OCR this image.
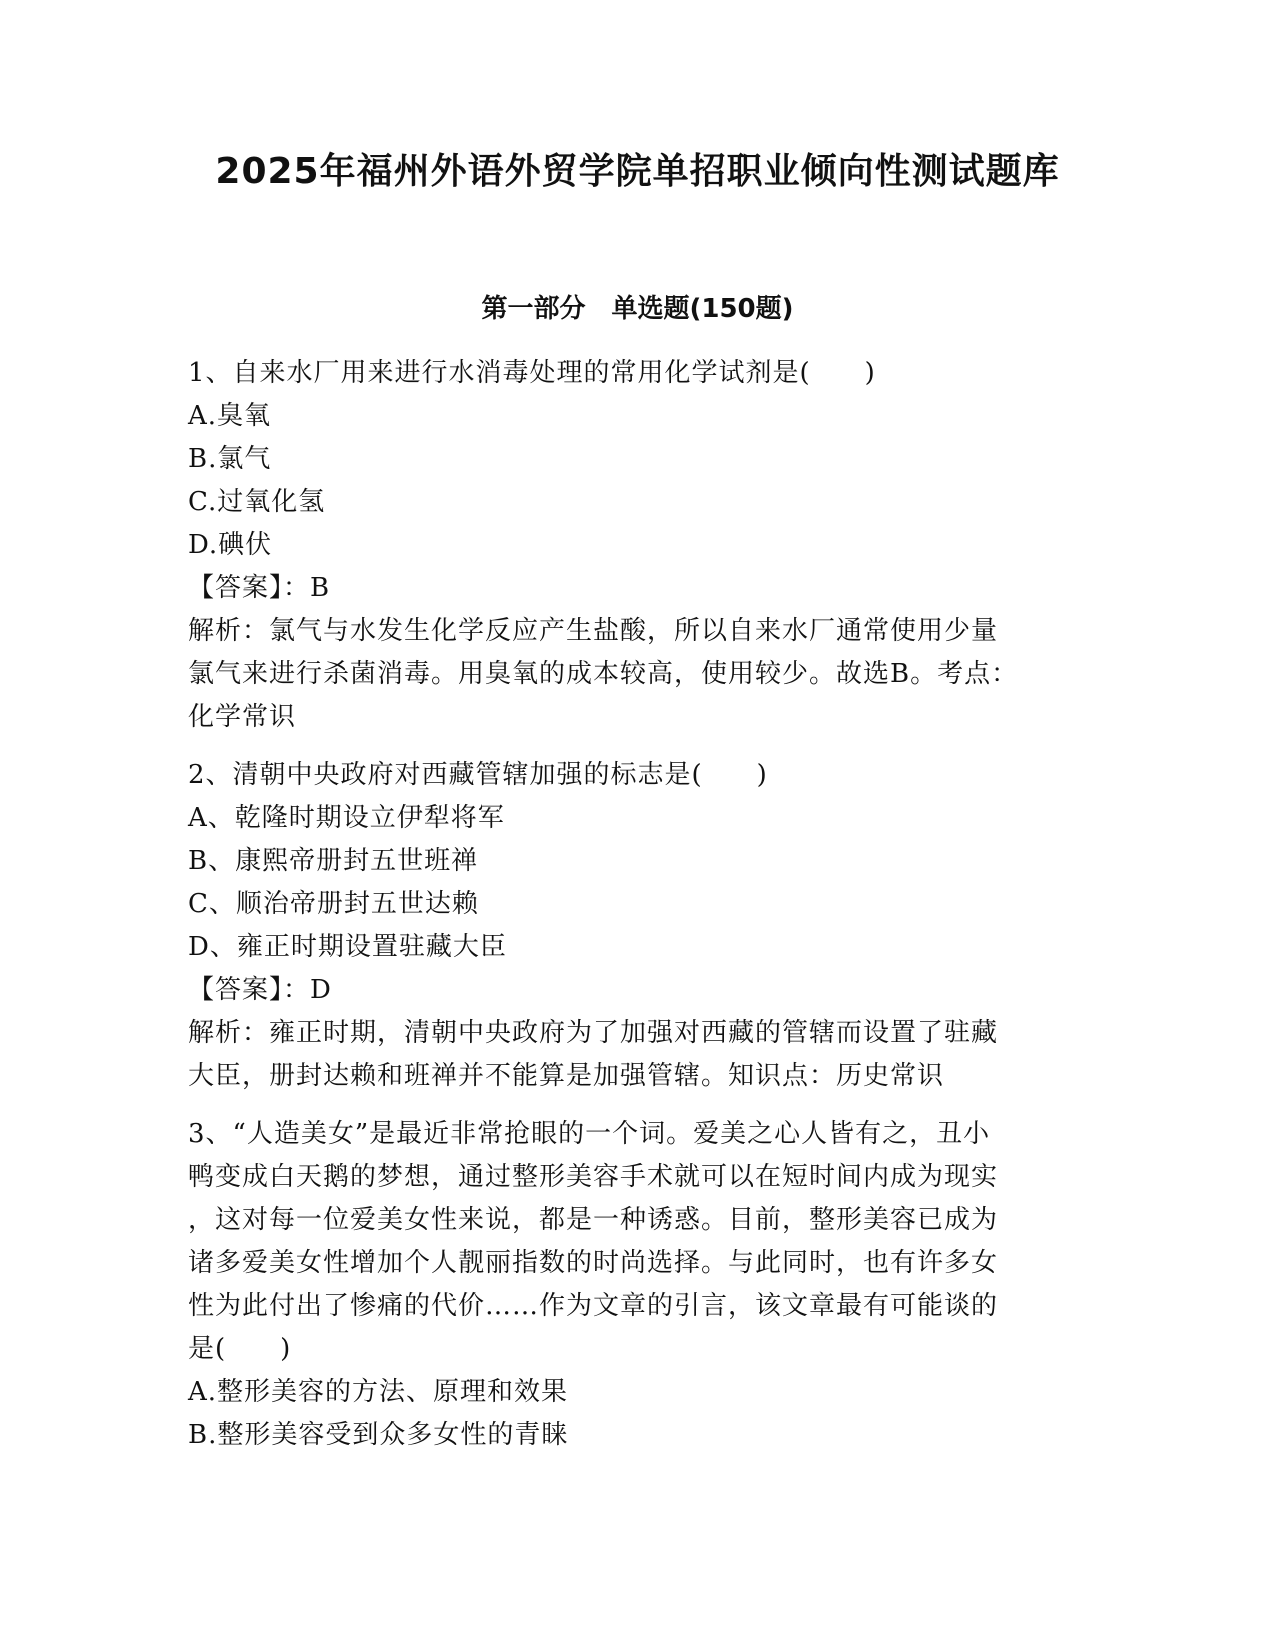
2025年福州外语外贸学院单招职业倾向性测试题库
第一部分　单选题(150题)

1、自来水厂用来进行水消毒处理的常用化学试剂是(　　)

A.臭氧

B.氯气

C.过氧化氢

D.碘伏

【答案】：B

解析：氯气与水发生化学反应产生盐酸，所以自来水厂通常使用少量

氯气来进行杀菌消毒。用臭氧的成本较高，使用较少。故选B。考点：

化学常识

2、清朝中央政府对西藏管辖加强的标志是(　　)

A、乾隆时期设立伊犁将军

B、康熙帝册封五世班禅

C、顺治帝册封五世达赖

D、雍正时期设置驻藏大臣

【答案】：D

解析：雍正时期，清朝中央政府为了加强对西藏的管辖而设置了驻藏

大臣，册封达赖和班禅并不能算是加强管辖。知识点：历史常识

3、“人造美女”是最近非常抢眼的一个词。爱美之心人皆有之，丑小

鸭变成白天鹅的梦想，通过整形美容手术就可以在短时间内成为现实

，这对每一位爱美女性来说，都是一种诱惑。目前，整形美容已成为

诸多爱美女性增加个人靓丽指数的时尚选择。与此同时，也有许多女

性为此付出了惨痛的代价……作为文章的引言，该文章最有可能谈的

是(　　)

A.整形美容的方法、原理和效果

B.整形美容受到众多女性的青睐
